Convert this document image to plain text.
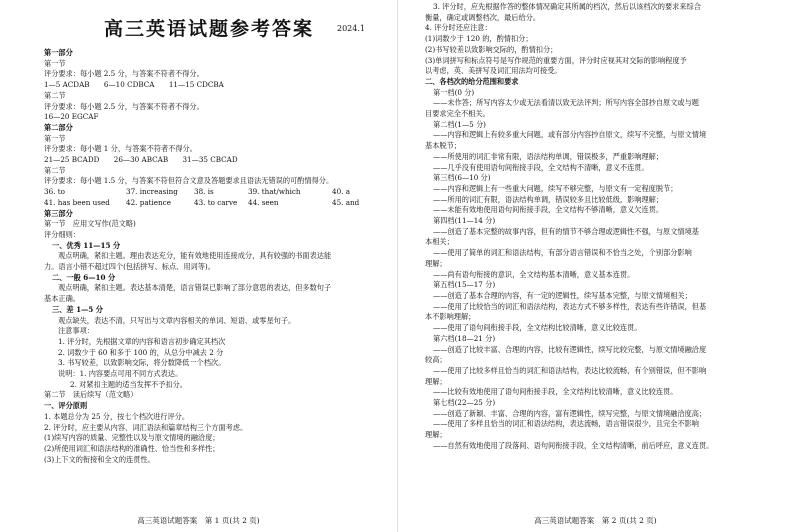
高三英语试题参考答案	2024.1
第一部分
第一节
评分要求：每小题 2.5 分，与答案不符者不得分。
1—5 ACDAB　　6—10 CDBCA　　11—15 CDCBA
第二节
评分要求：每小题 2.5 分，与答案不符者不得分。
16—20 EGCAF
第二部分
第一节
评分要求：每小题 1 分，与答案不符者不得分。
21—25 BCADD　　26—30 ABCAB　　31—35 CBCAD
第二节
评分要求：每小题 1.5 分，与答案不符但符合文意及答题要求且语法无错误的可酌情得分。
36. to	37. increasing 38. is	39. that/which	40. a
41. has been used 42. patience	43. to carve 44. seen	45. and
第三部分
第一节　应用文写作(范文略)
评分细则：
一、优秀 11—15 分
观点明确，紧扣主题。理由表达充分，能有效地使用连接成分，具有较强的书面表达能
力。语言小错不超过四个(包括拼写、标点、用词等)。
二、一般 6—10 分
观点明确，紧扣主题。表达基本清楚，语言错误已影响了部分意思的表达，但多数句子
基本正确。
三、差 1—5 分
观点缺失，表达不清，只写出与文章内容相关的单词、短语、或零星句子。
注意事项：
1. 评分时，先根据文章的内容和语言初步确定其档次
2. 词数少于 60 和多于 100 的，从总分中减去 2 分
3. 书写较差，以致影响交际，将分数降低一个档次。
说明：1. 内容要点可用不同方式表达。
2. 对紧扣主题的适当发挥不予扣分。
第二节　读后续写（范文略）
一、评分原则
1. 本题总分为 25 分，按七个档次进行评分。
2. 评分时，应主要从内容、词汇语法和篇章结构三个方面考虑。
(1)续写内容的质量、完整性以及与原文情境的融洽度；
(2)所使用词汇和语法结构的准确性、恰当性和多样性；
(3)上下文的衔接和全文的连贯性。
高三英语试题答案　第 1 页(共 2 页)
3. 评分时，应先根据作答的整体情况确定其所属的档次，然后以该档次的要求来综合
衡量，确定或调整档次，最后给分。
4. 评分时还应注意：
(1)词数少于 120 的，酌情扣分；
(2)书写较差以致影响交际的，酌情扣分；
(3)单词拼写和标点符号是写作规范的重要方面，评分时应视其对交际的影响程度予
以考虑，英、美拼写及词汇用法均可接受。
二、各档次的给分范围和要求
第一档(0 分)
——未作答；所写内容太少或无法看清以致无法评判；所写内容全部抄自原文或与题
目要求完全不相关。
第二档(1—5 分)
——内容和逻辑上有较多重大问题，或有部分内容抄自原文，续写不完整，与原文情境
基本脱节；
——所使用的词汇非常有限，语法结构单调，错误极多，严重影响理解；
——几乎没有使用语句间衔接手段，全文结构不清晰，意义不连贯。
第三档(6—10 分)
——内容和逻辑上有一些重大问题，续写不够完整，与原文有一定程度脱节；
——所用的词汇有限，语法结构单调，错误较多且比较低级，影响理解；
——未能有效地使用语句间衔接手段，全文结构不够清晰，意义欠连贯。
第四档(11—14 分)
——创造了基本完整的故事内容，但有的情节不够合理或逻辑性不强，与原文情境基
本相关；
——使用了简单的词汇和语法结构，有部分语言错误和不恰当之处，个别部分影响
理解；
——尚有语句衔接的意识，全文结构基本清晰，意义基本连贯。
第五档(15—17 分)
——创造了基本合理的内容，有一定的逻辑性，续写基本完整，与原文情境相关；
——使用了比较恰当的词汇和语法结构，表达方式不够多样性，表达有些许错误，但基
本不影响理解；
——使用了语句间衔接手段，全文结构比较清晰，意义比较连贯。
第六档(18—21 分)
——创造了比较丰富、合理的内容，比较有逻辑性，续写比较完整，与原文情境融洽度
较高；
——使用了比较多样且恰当的词汇和语法结构，表达比较流畅，有个别错误，但不影响
理解；
——比较有效地使用了语句间衔接手段，全文结构比较清晰，意义比较连贯。
第七档(22—25 分)
——创造了新颖、丰富、合理的内容，富有逻辑性，续写完整，与原文情境融洽度高；
——使用了多样且恰当的词汇和语法结构，表达流畅，语言错误很少，且完全不影响
理解；
——自然有效地使用了段落间、语句间衔接手段，全文结构清晰，前后呼应，意义连贯。
高三英语试题答案　第 2 页(共 2 页)
